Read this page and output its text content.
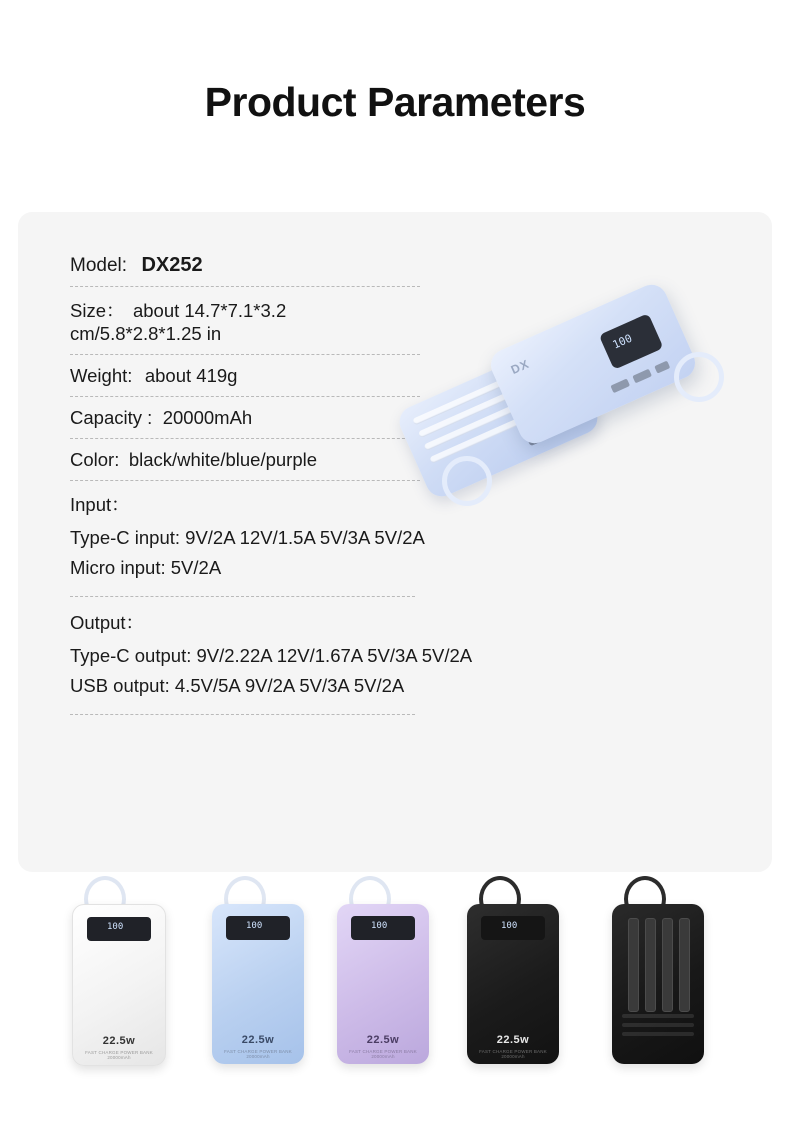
Product Parameters
Model: DX252
Size： about 14.7*7.1*3.2 cm/5.8*2.8*1.25 in
Weight: about 419g
Capacity : 20000mAh
Color: black/white/blue/purple
Input：
Type-C input: 9V/2A 12V/1.5A 5V/3A 5V/2A
Micro input: 5V/2A
Output：
Type-C output: 9V/2.22A 12V/1.67A 5V/3A 5V/2A
USB output: 4.5V/5A 9V/2A 5V/3A 5V/2A
DX
100
100
22.5w
FAST CHARGE POWER BANK 20000mAh
100
22.5w
FAST CHARGE POWER BANK 20000mAh
100
22.5w
FAST CHARGE POWER BANK 20000mAh
100
22.5w
FAST CHARGE POWER BANK 20000mAh
